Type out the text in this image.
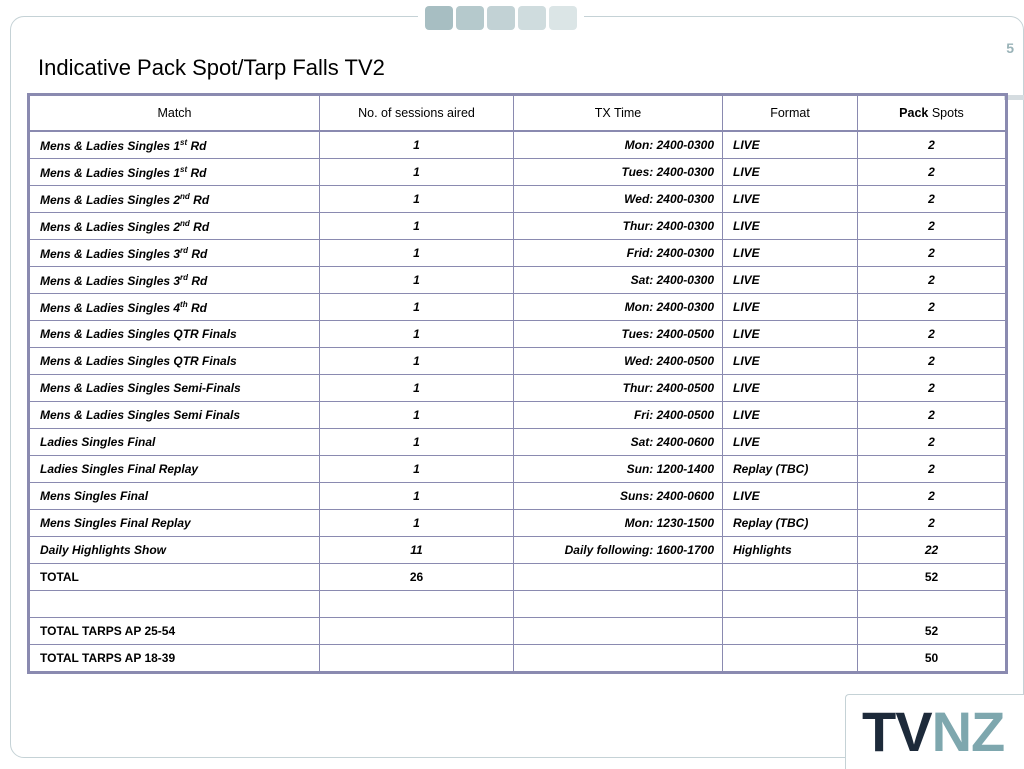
5
Indicative Pack Spot/Tarp Falls TV2
Match	No. of sessions aired	TX Time	Format	Pack Spots
Mens & Ladies Singles 1st Rd	1	Mon: 2400-0300	LIVE	2
Mens & Ladies Singles 1st Rd	1	Tues: 2400-0300	LIVE	2
Mens & Ladies Singles 2nd Rd	1	Wed: 2400-0300	LIVE	2
Mens & Ladies Singles 2nd Rd	1	Thur: 2400-0300	LIVE	2
Mens & Ladies Singles 3rd Rd	1	Frid: 2400-0300	LIVE	2
Mens & Ladies Singles 3rd Rd	1	Sat: 2400-0300	LIVE	2
Mens & Ladies Singles 4th Rd	1	Mon: 2400-0300	LIVE	2
Mens & Ladies Singles QTR Finals	1	Tues: 2400-0500	LIVE	2
Mens & Ladies Singles QTR Finals	1	Wed: 2400-0500	LIVE	2
Mens & Ladies Singles Semi-Finals	1	Thur: 2400-0500	LIVE	2
Mens & Ladies Singles Semi Finals	1	Fri: 2400-0500	LIVE	2
Ladies Singles Final	1	Sat: 2400-0600	LIVE	2
Ladies Singles Final Replay	1	Sun: 1200-1400	Replay (TBC)	2
Mens Singles Final	1	Suns: 2400-0600	LIVE	2
Mens Singles Final Replay	1	Mon: 1230-1500	Replay (TBC)	2
Daily Highlights Show	11	Daily following: 1600-1700	Highlights	22
TOTAL	26			52

TOTAL TARPS AP 25-54				52
TOTAL TARPS AP 18-39				50
TVNZ
